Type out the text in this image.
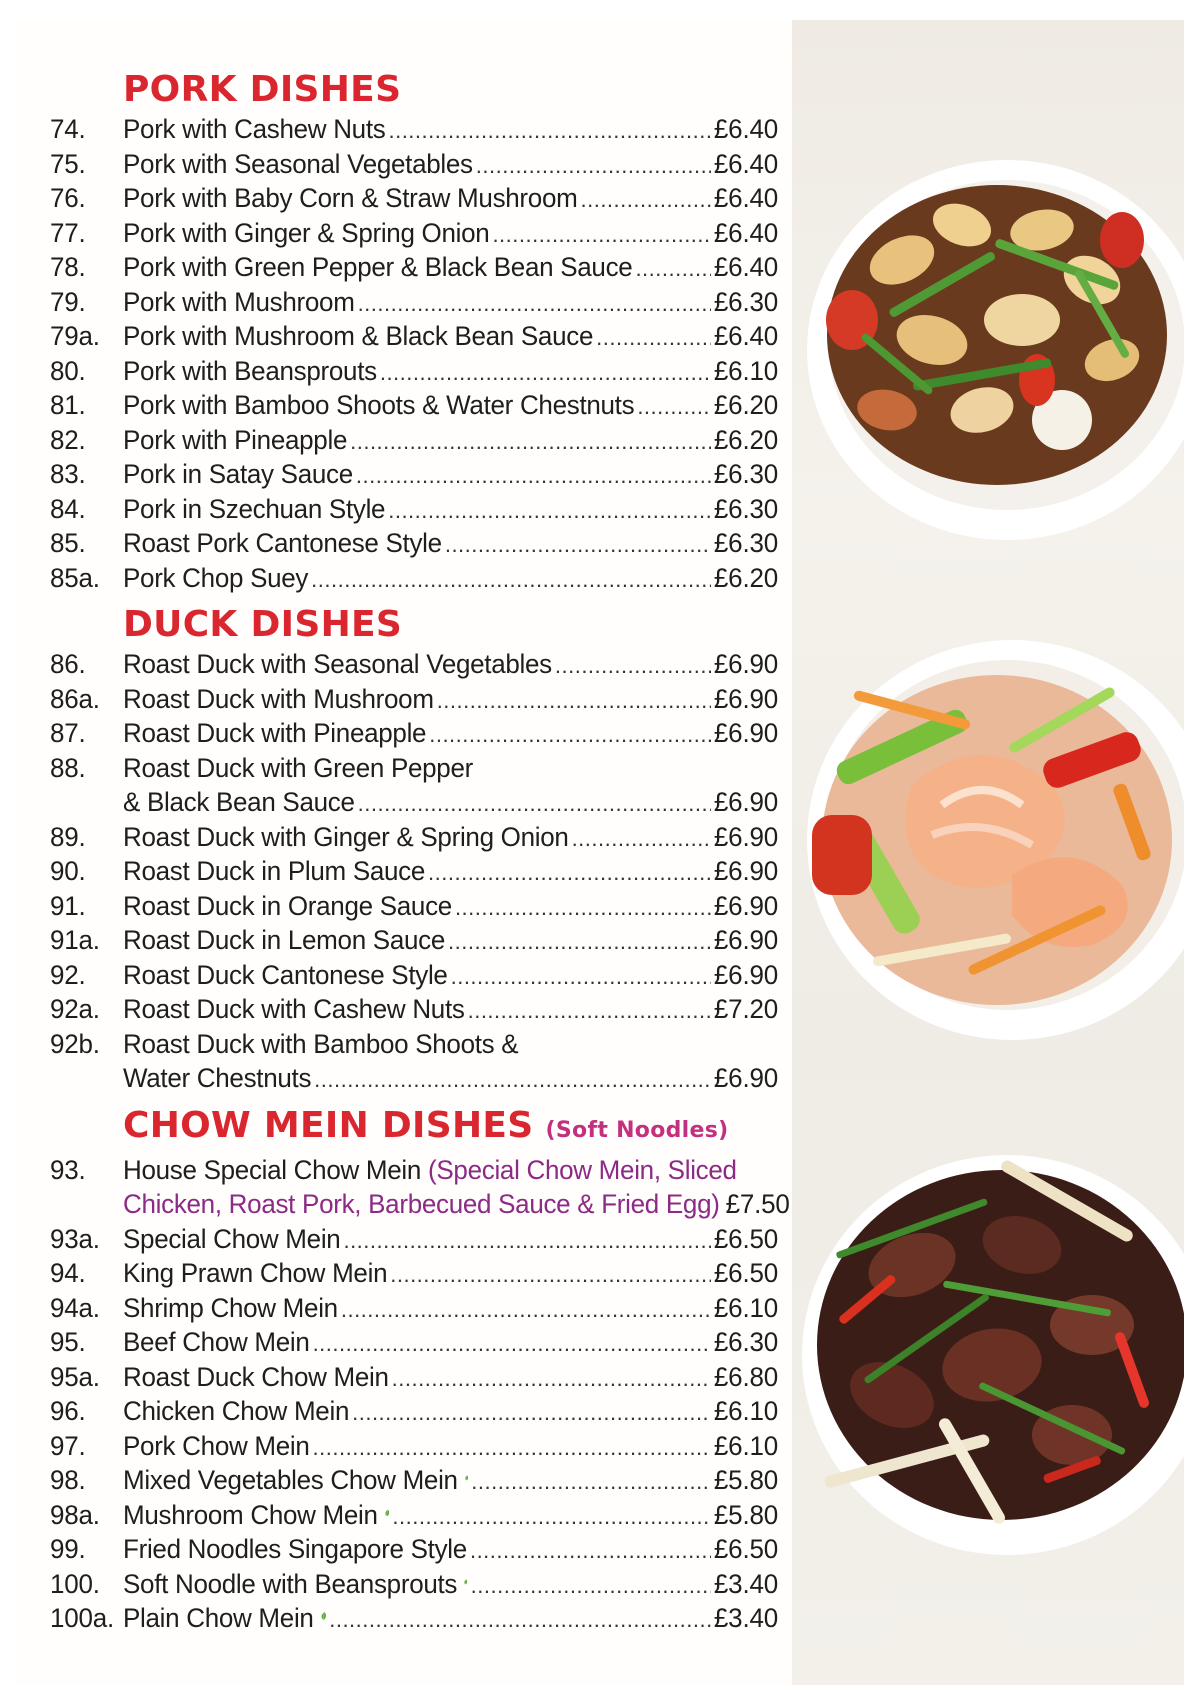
PORK DISHES
74.	Pork with Cashew Nuts .....	£6.40
75.	Pork with Seasonal Vegetables .....	£6.40
76.	Pork with Baby Corn & Straw Mushroom .....	£6.40
77.	Pork with Ginger & Spring Onion .....	£6.40
78.	Pork with Green Pepper & Black Bean Sauce .....	£6.40
79.	Pork with Mushroom .....	£6.30
79a. Pork with Mushroom & Black Bean Sauce .....	£6.40
80.	Pork with Beansprouts .....	£6.10
81.	Pork with Bamboo Shoots & Water Chestnuts .....	£6.20
82.	Pork with Pineapple .....	£6.20
83.	Pork in Satay Sauce .....	£6.30
84.	Pork in Szechuan Style .....	£6.30
85.	Roast Pork Cantonese Style .....	£6.30
85a. Pork Chop Suey .....	£6.20
DUCK DISHES
86.	Roast Duck with Seasonal Vegetables .....	£6.90
86a. Roast Duck with Mushroom .....	£6.90
87.	Roast Duck with Pineapple .....	£6.90
88.	Roast Duck with Green Pepper
& Black Bean Sauce .....	£6.90
89.	Roast Duck with Ginger & Spring Onion .....	£6.90
90.	Roast Duck in Plum Sauce .....	£6.90
91.	Roast Duck in Orange Sauce .....	£6.90
91a. Roast Duck in Lemon Sauce .....	£6.90
92.	Roast Duck Cantonese Style .....	£6.90
92a. Roast Duck with Cashew Nuts .....	£7.20
92b. Roast Duck with Bamboo Shoots &
Water Chestnuts .....	£6.90
CHOW MEIN DISHES (Soft Noodles)
93.	House Special Chow Mein (Special Chow Mein, Sliced
Chicken, Roast Pork, Barbecued Sauce & Fried Egg) £7.50
93a. Special Chow Mein .....	£6.50
94.	King Prawn Chow Mein .....	£6.50
94a. Shrimp Chow Mein .....	£6.10
95.	Beef Chow Mein .....	£6.30
95a. Roast Duck Chow Mein .....	£6.80
96.	Chicken Chow Mein .....	£6.10
97.	Pork Chow Mein .....	£6.10
98.	Mixed Vegetables Chow Mein .....	£5.80
98a. Mushroom Chow Mein .....	£5.80
99.	Fried Noodles Singapore Style .....	£6.50
100. Soft Noodle with Beansprouts .....	£3.40
100a. Plain Chow Mein .....	£3.40
